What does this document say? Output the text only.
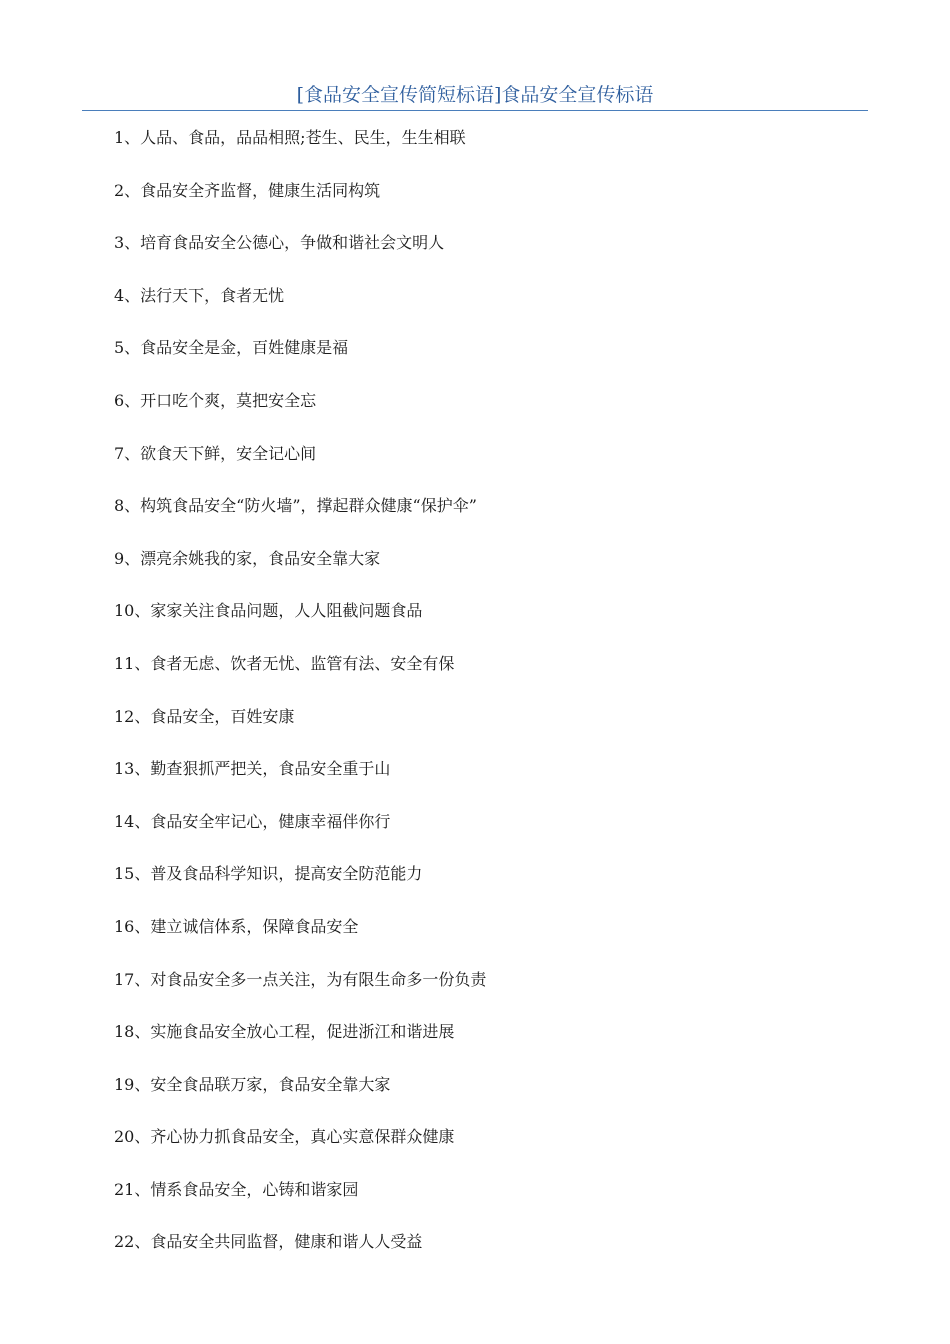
[食品安全宣传简短标语]食品安全宣传标语
1、人品、食品，品品相照;苍生、民生，生生相联
2、食品安全齐监督，健康生活同构筑
3、培育食品安全公德心，争做和谐社会文明人
4、法行天下，食者无忧
5、食品安全是金，百姓健康是福
6、开口吃个爽，莫把安全忘
7、欲食天下鲜，安全记心间
8、构筑食品安全“防火墙”，撑起群众健康“保护伞”
9、漂亮余姚我的家，食品安全靠大家
10、家家关注食品问题，人人阻截问题食品
11、食者无虑、饮者无忧、监管有法、安全有保
12、食品安全，百姓安康
13、勤查狠抓严把关，食品安全重于山
14、食品安全牢记心，健康幸福伴你行
15、普及食品科学知识，提高安全防范能力
16、建立诚信体系，保障食品安全
17、对食品安全多一点关注，为有限生命多一份负责
18、实施食品安全放心工程，促进浙江和谐进展
19、安全食品联万家，食品安全靠大家
20、齐心协力抓食品安全，真心实意保群众健康
21、情系食品安全，心铸和谐家园
22、食品安全共同监督，健康和谐人人受益
